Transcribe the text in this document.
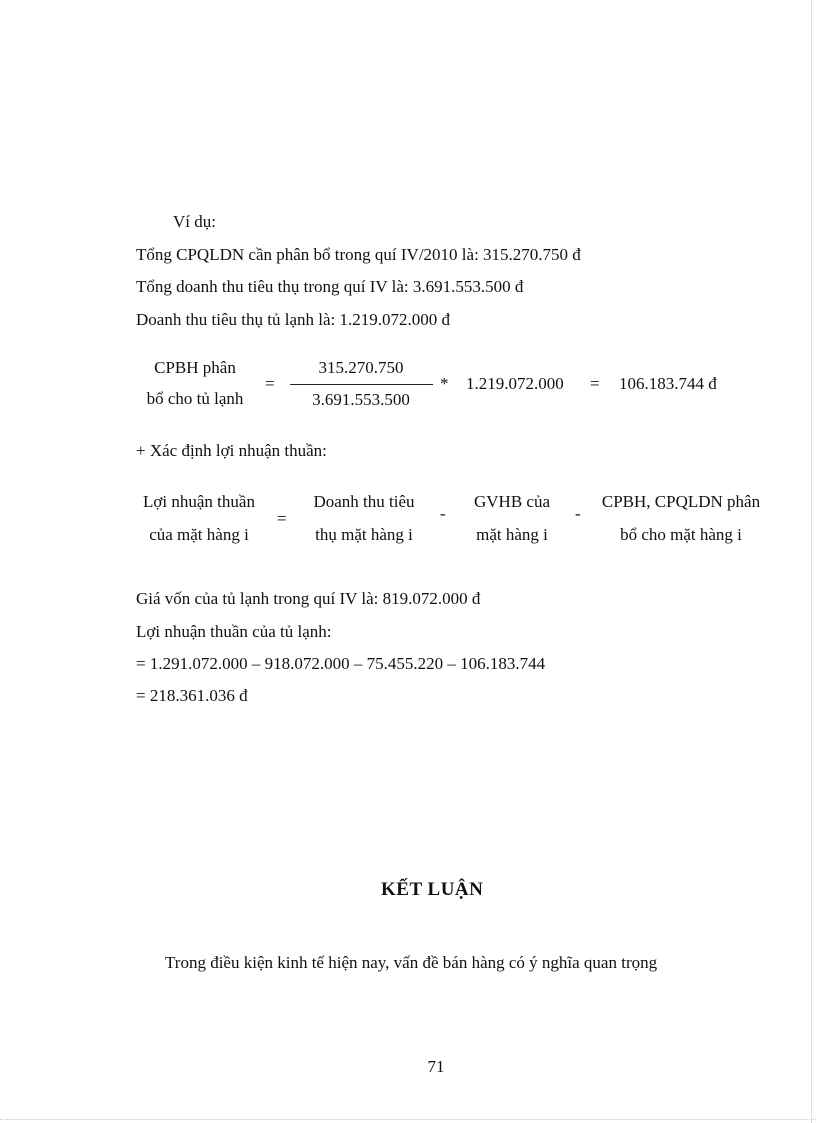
Ví dụ:
Tổng CPQLDN cần phân bổ trong quí IV/2010 là: 315.270.750 đ
Tổng doanh thu tiêu thụ trong quí IV là: 3.691.553.500 đ
Doanh thu tiêu thụ tủ lạnh là: 1.219.072.000 đ
CPBH phân
bổ cho tủ lạnh
=
315.270.750
3.691.553.500
* 1.219.072.000 = 106.183.744 đ
+ Xác định lợi nhuận thuần:
Lợi nhuận thuần
của mặt hàng i
=
Doanh thu tiêu
thụ mặt hàng i
-
GVHB của
mặt hàng i
-
CPBH, CPQLDN phân
bổ cho mặt hàng i
Giá vốn của tủ lạnh trong quí IV là: 819.072.000 đ
Lợi nhuận thuần của tủ lạnh:
= 1.291.072.000 – 918.072.000 – 75.455.220 – 106.183.744
= 218.361.036 đ
KẾT LUẬN
Trong điều kiện kinh tế hiện nay, vấn đề bán hàng có ý nghĩa quan trọng
71
